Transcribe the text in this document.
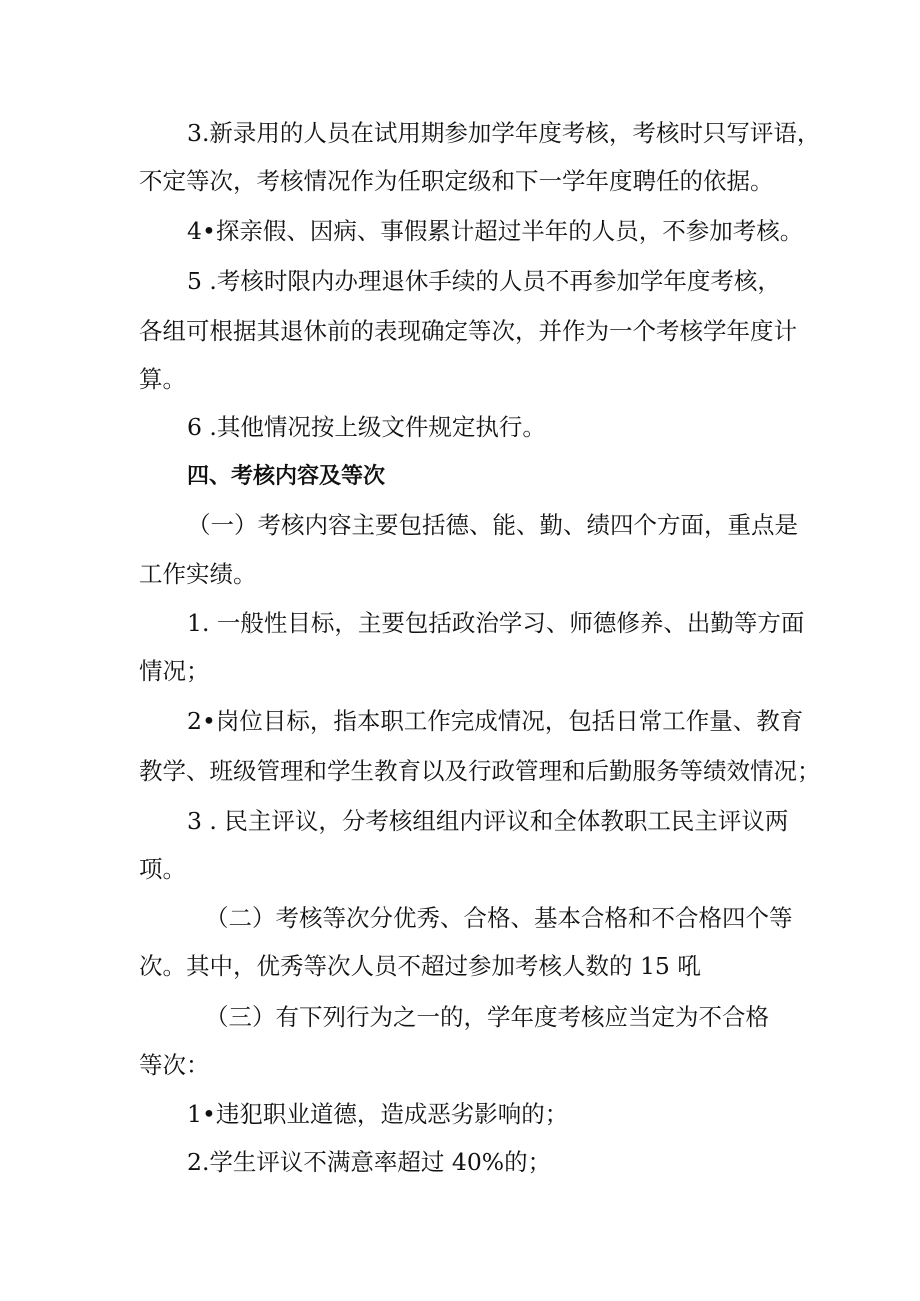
3.新录用的人员在试用期参加学年度考核，考核时只写评语，
不定等次，考核情况作为任职定级和下一学年度聘任的依据。
4•探亲假、因病、事假累计超过半年的人员，不参加考核。
5 .考核时限内办理退休手续的人员不再参加学年度考核，
各组可根据其退休前的表现确定等次，并作为一个考核学年度计
算。
6 .其他情况按上级文件规定执行。
四、考核内容及等次
（一）考核内容主要包括德、能、勤、绩四个方面，重点是
工作实绩。
1. 一般性目标，主要包括政治学习、师德修养、出勤等方面
情况；
2•岗位目标，指本职工作完成情况，包括日常工作量、教育
教学、班级管理和学生教育以及行政管理和后勤服务等绩效情况；
3 . 民主评议，分考核组组内评议和全体教职工民主评议两
项。
（二）考核等次分优秀、合格、基本合格和不合格四个等
次。其中，优秀等次人员不超过参加考核人数的 15 吼
（三）有下列行为之一的，学年度考核应当定为不合格
等次：
1•违犯职业道德，造成恶劣影响的；
2.学生评议不满意率超过 40%的；
